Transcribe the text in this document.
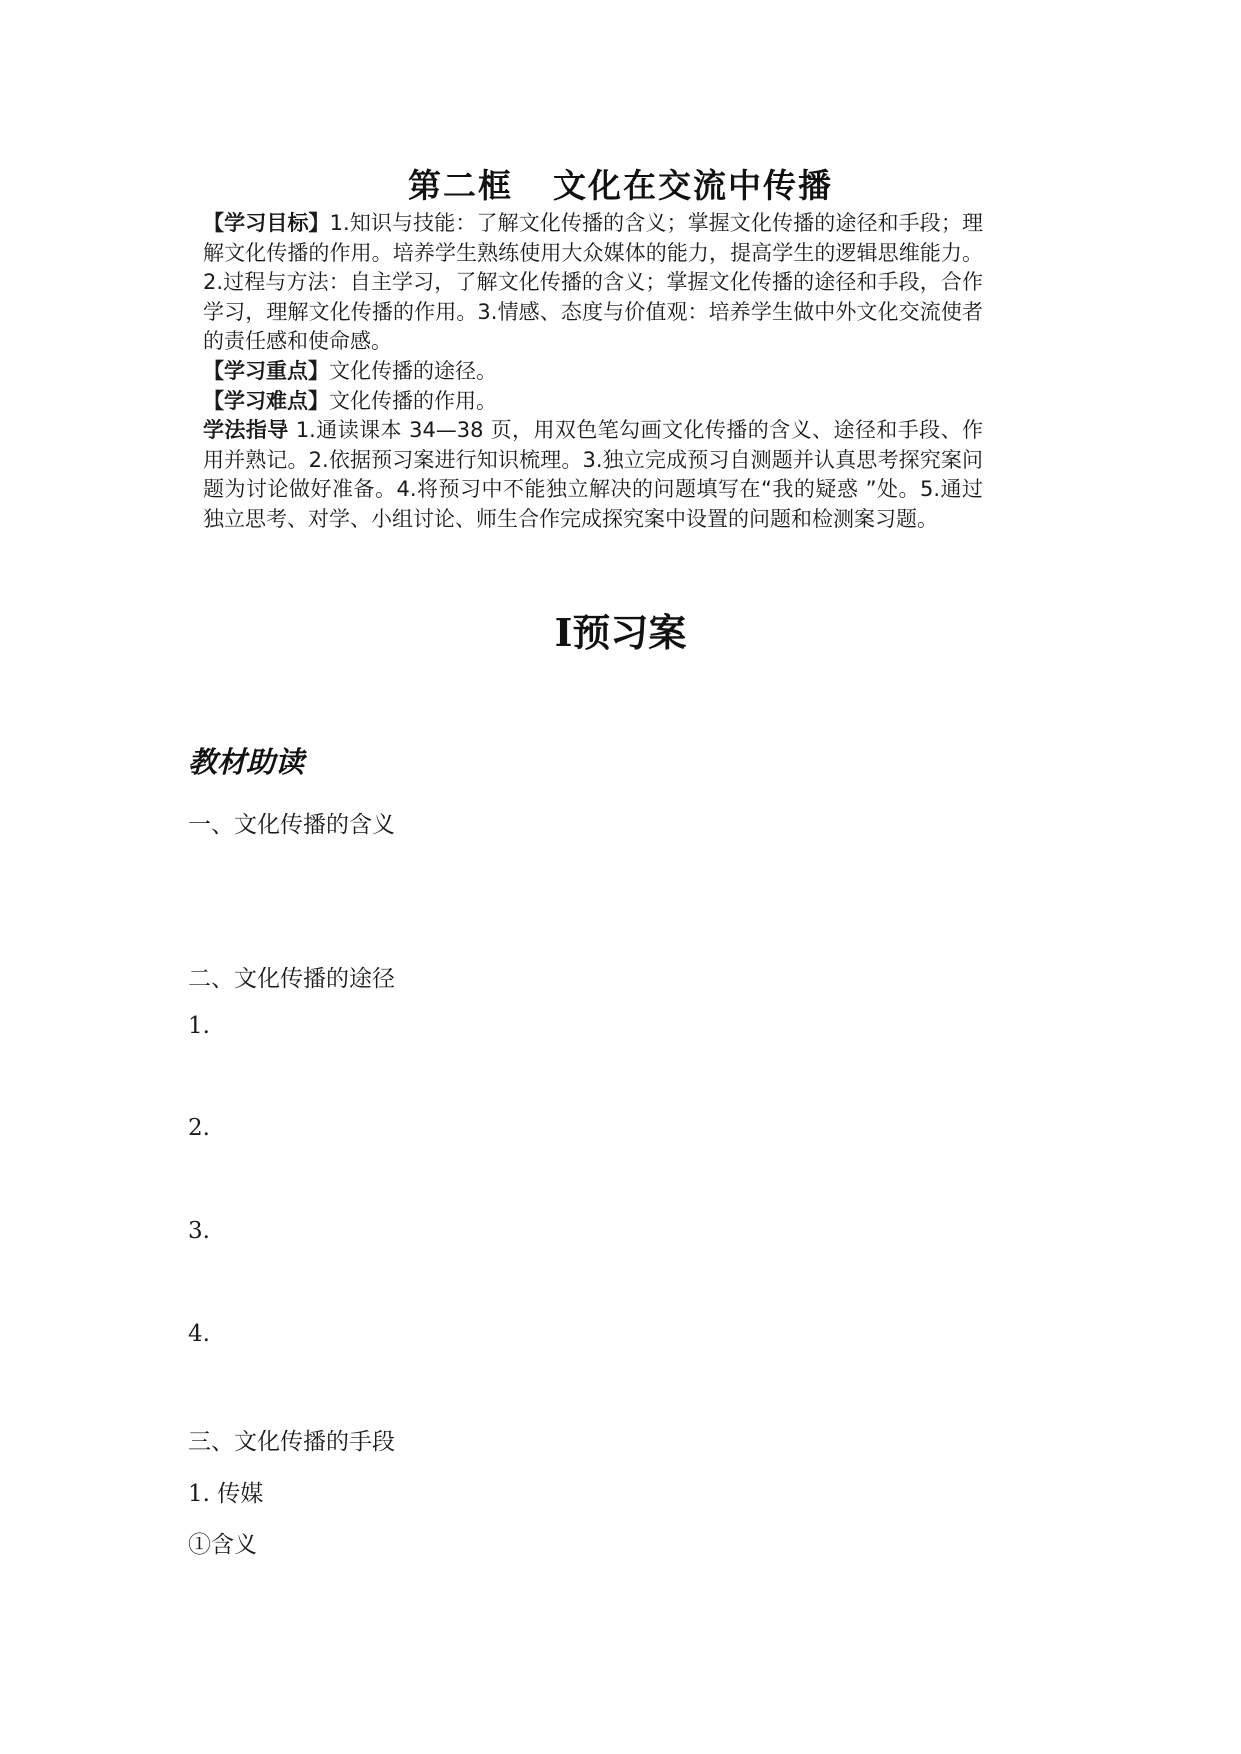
第二框 文化在交流中传播

【学习目标】1.知识与技能：了解文化传播的含义；掌握文化传播的途径和手段；理解文化传播的作用。培养学生熟练使用大众媒体的能力，提高学生的逻辑思维能力。2.过程与方法：自主学习，了解文化传播的含义；掌握文化传播的途径和手段，合作学习，理解文化传播的作用。3.情感、态度与价值观：培养学生做中外文化交流使者的责任感和使命感。

【学习重点】文化传播的途径。

【学习难点】文化传播的作用。

学法指导 1.通读课本 34—38 页，用双色笔勾画文化传播的含义、途径和手段、作用并熟记。2.依据预习案进行知识梳理。3.独立完成预习自测题并认真思考探究案问题为讨论做好准备。4.将预习中不能独立解决的问题填写在“我的疑惑 ”处。5.通过独立思考、对学、小组讨论、师生合作完成探究案中设置的问题和检测案习题。

Ⅰ预习案
教材助读
一、文化传播的含义
二、文化传播的途径
1.
2.
3.
4.
三、文化传播的手段
1. 传媒
①含义
